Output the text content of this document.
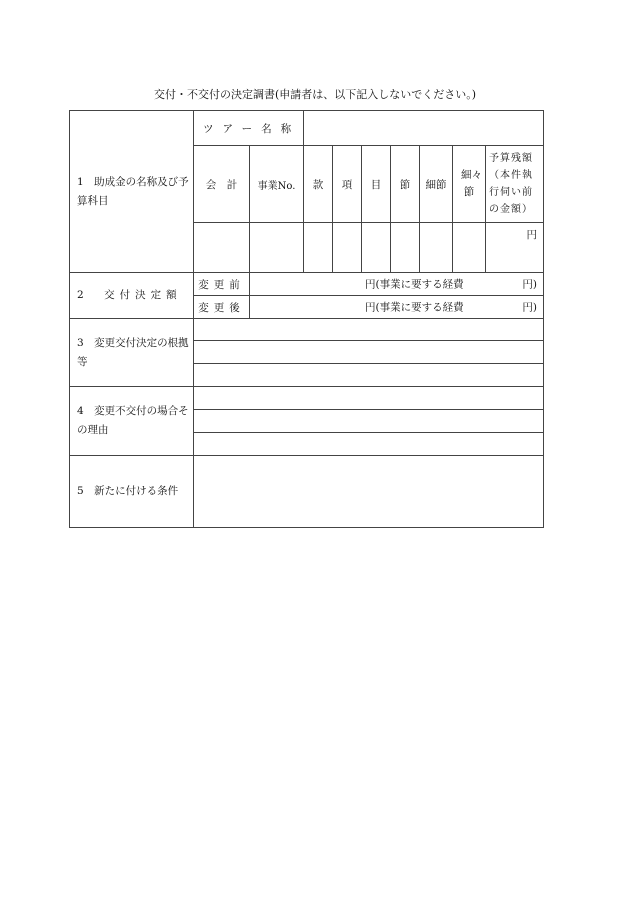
交付・不交付の決定調書(申請者は、以下記入しないでください。)
1　助成金の名称及び予算科目	ツアー名称								
	会　計	事業No.	款	項	目	節	細節	細々節	予算残額（本件執行伺い前の金額）
									円
2　交付決定額	変更前	円(事業に要する経費 円)							

	変更後	円(事業に要する経費 円)							

3　変更交付決定の根拠等									

4　変更不交付の場合その理由									

5　新たに付ける条件									
